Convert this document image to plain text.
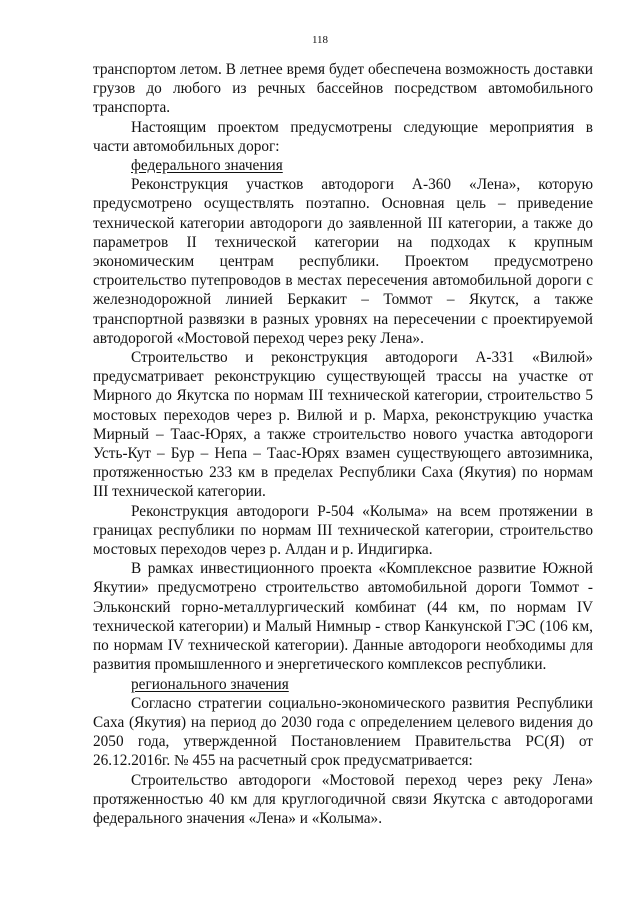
118

транспортом летом. В летнее время будет обеспечена возможность доставки грузов до любого из речных бассейнов посредством автомобильного транспорта.

Настоящим проектом предусмотрены следующие мероприятия в части автомобильных дорог:

федерального значения

Реконструкция участков автодороги А-360 «Лена», которую предусмотрено осуществлять поэтапно. Основная цель – приведение технической категории автодороги до заявленной III категории, а также до параметров II технической категории на подходах к крупным экономическим центрам республики. Проектом предусмотрено строительство путепроводов в местах пересечения автомобильной дороги с железнодорожной линией Беркакит – Томмот – Якутск, а также транспортной развязки в разных уровнях на пересечении с проектируемой автодорогой «Мостовой переход через реку Лена».

Строительство и реконструкция автодороги А-331 «Вилюй» предусматривает реконструкцию существующей трассы на участке от Мирного до Якутска по нормам III технической категории, строительство 5 мостовых переходов через р. Вилюй и р. Марха, реконструкцию участка Мирный – Таас-Юрях, а также строительство нового участка автодороги Усть-Кут – Бур – Непа – Таас-Юрях взамен существующего автозимника, протяженностью 233 км в пределах Республики Саха (Якутия) по нормам III технической категории.

Реконструкция автодороги Р-504 «Колыма» на всем протяжении в границах республики по нормам III технической категории, строительство мостовых переходов через р. Алдан и р. Индигирка.

В рамках инвестиционного проекта «Комплексное развитие Южной Якутии» предусмотрено строительство автомобильной дороги Томмот - Эльконский горно-металлургический комбинат (44 км, по нормам IV технической категории) и Малый Нимныр - створ Канкунской ГЭС (106 км, по нормам IV технической категории). Данные автодороги необходимы для развития промышленного и энергетического комплексов республики.

регионального значения

Согласно стратегии социально-экономического развития Республики Саха (Якутия) на период до 2030 года с определением целевого видения до 2050 года, утвержденной Постановлением Правительства РС(Я) от 26.12.2016г. № 455 на расчетный срок предусматривается:

Строительство автодороги «Мостовой переход через реку Лена» протяженностью 40 км для круглогодичной связи Якутска с автодорогами федерального значения «Лена» и «Колыма».
